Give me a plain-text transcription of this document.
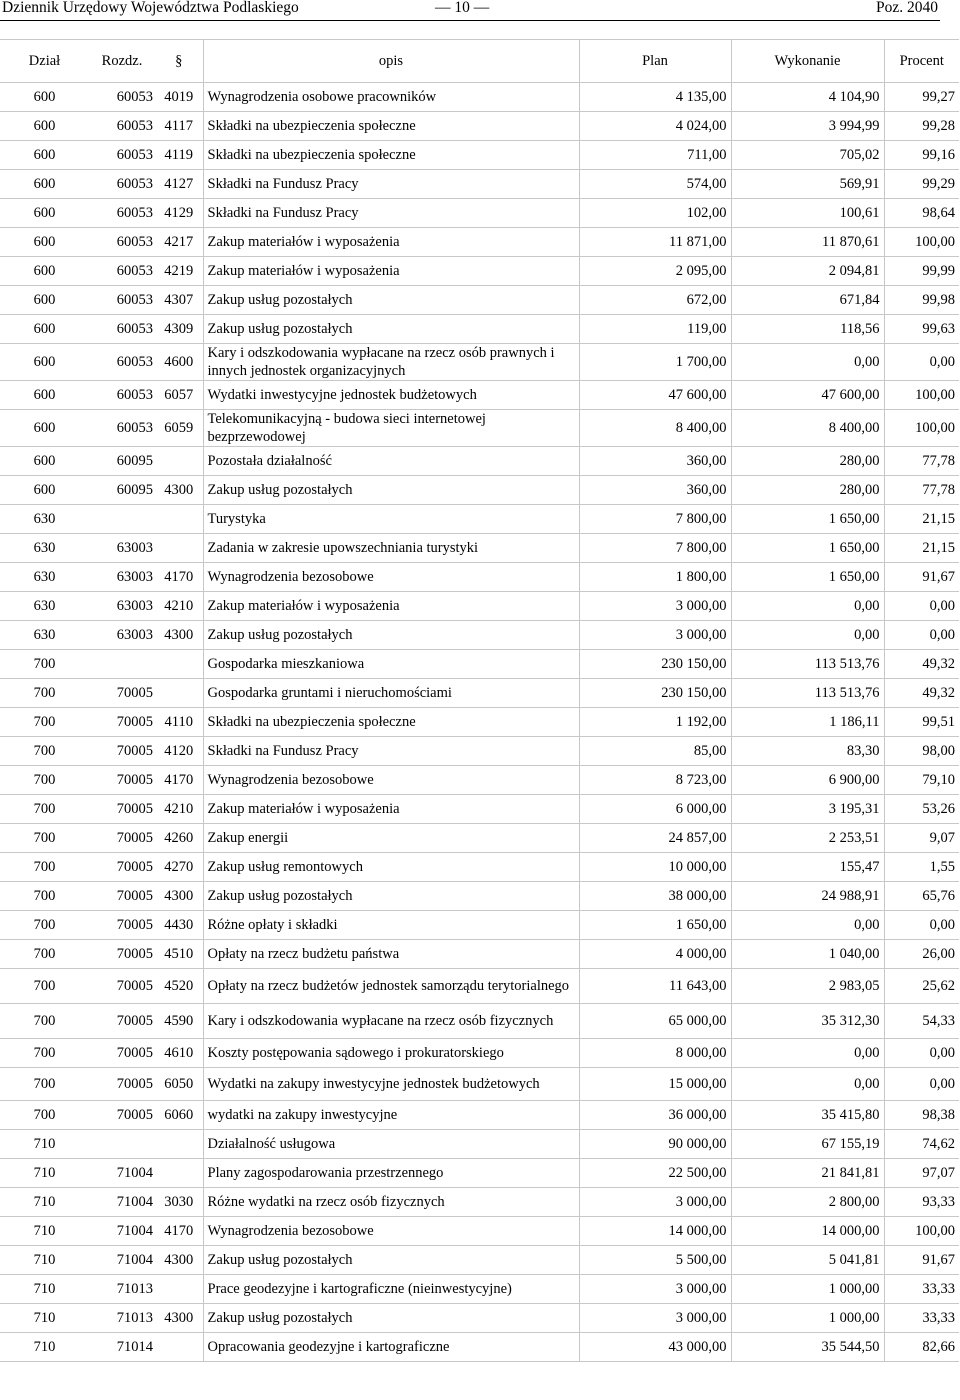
Dziennik Urzędowy Województwa Podlaskiego	— 10 —	Poz. 2040
Dział	Rozdz.	§	opis	Plan	Wykonanie	Procent
600	60053	4019	Wynagrodzenia osobowe pracowników	4 135,00	4 104,90	99,27
600	60053	4117	Składki na ubezpieczenia społeczne	4 024,00	3 994,99	99,28
600	60053	4119	Składki na ubezpieczenia społeczne	711,00	705,02	99,16
600	60053	4127	Składki na Fundusz Pracy	574,00	569,91	99,29
600	60053	4129	Składki na Fundusz Pracy	102,00	100,61	98,64
600	60053	4217	Zakup materiałów i wyposażenia	11 871,00	11 870,61	100,00
600	60053	4219	Zakup materiałów i wyposażenia	2 095,00	2 094,81	99,99
600	60053	4307	Zakup usług pozostałych	672,00	671,84	99,98
600	60053	4309	Zakup usług pozostałych	119,00	118,56	99,63
600	60053	4600	Kary i odszkodowania wypłacane na rzecz osób prawnych i innych jednostek organizacyjnych	1 700,00	0,00	0,00
600	60053	6057	Wydatki inwestycyjne jednostek budżetowych	47 600,00	47 600,00	100,00
600	60053	6059	Telekomunikacyjną - budowa sieci internetowej bezprzewodowej	8 400,00	8 400,00	100,00
600	60095		Pozostała działalność	360,00	280,00	77,78
600	60095	4300	Zakup usług pozostałych	360,00	280,00	77,78
630			Turystyka	7 800,00	1 650,00	21,15
630	63003		Zadania w zakresie upowszechniania turystyki	7 800,00	1 650,00	21,15
630	63003	4170	Wynagrodzenia bezosobowe	1 800,00	1 650,00	91,67
630	63003	4210	Zakup materiałów i wyposażenia	3 000,00	0,00	0,00
630	63003	4300	Zakup usług pozostałych	3 000,00	0,00	0,00
700			Gospodarka mieszkaniowa	230 150,00	113 513,76	49,32
700	70005		Gospodarka gruntami i nieruchomościami	230 150,00	113 513,76	49,32
700	70005	4110	Składki na ubezpieczenia społeczne	1 192,00	1 186,11	99,51
700	70005	4120	Składki na Fundusz Pracy	85,00	83,30	98,00
700	70005	4170	Wynagrodzenia bezosobowe	8 723,00	6 900,00	79,10
700	70005	4210	Zakup materiałów i wyposażenia	6 000,00	3 195,31	53,26
700	70005	4260	Zakup energii	24 857,00	2 253,51	9,07
700	70005	4270	Zakup usług remontowych	10 000,00	155,47	1,55
700	70005	4300	Zakup usług pozostałych	38 000,00	24 988,91	65,76
700	70005	4430	Różne opłaty i składki	1 650,00	0,00	0,00
700	70005	4510	Opłaty na rzecz budżetu państwa	4 000,00	1 040,00	26,00
700	70005	4520	Opłaty na rzecz budżetów jednostek samorządu terytorialnego	11 643,00	2 983,05	25,62
700	70005	4590	Kary i odszkodowania wypłacane na rzecz osób fizycznych	65 000,00	35 312,30	54,33
700	70005	4610	Koszty postępowania sądowego i prokuratorskiego	8 000,00	0,00	0,00
700	70005	6050	Wydatki na zakupy inwestycyjne jednostek budżetowych	15 000,00	0,00	0,00
700	70005	6060	wydatki na zakupy inwestycyjne	36 000,00	35 415,80	98,38
710			Działalność usługowa	90 000,00	67 155,19	74,62
710	71004		Plany zagospodarowania przestrzennego	22 500,00	21 841,81	97,07
710	71004	3030	Różne wydatki na rzecz osób fizycznych	3 000,00	2 800,00	93,33
710	71004	4170	Wynagrodzenia bezosobowe	14 000,00	14 000,00	100,00
710	71004	4300	Zakup usług pozostałych	5 500,00	5 041,81	91,67
710	71013		Prace geodezyjne i kartograficzne (nieinwestycyjne)	3 000,00	1 000,00	33,33
710	71013	4300	Zakup usług pozostałych	3 000,00	1 000,00	33,33
710	71014		Opracowania geodezyjne i kartograficzne	43 000,00	35 544,50	82,66
